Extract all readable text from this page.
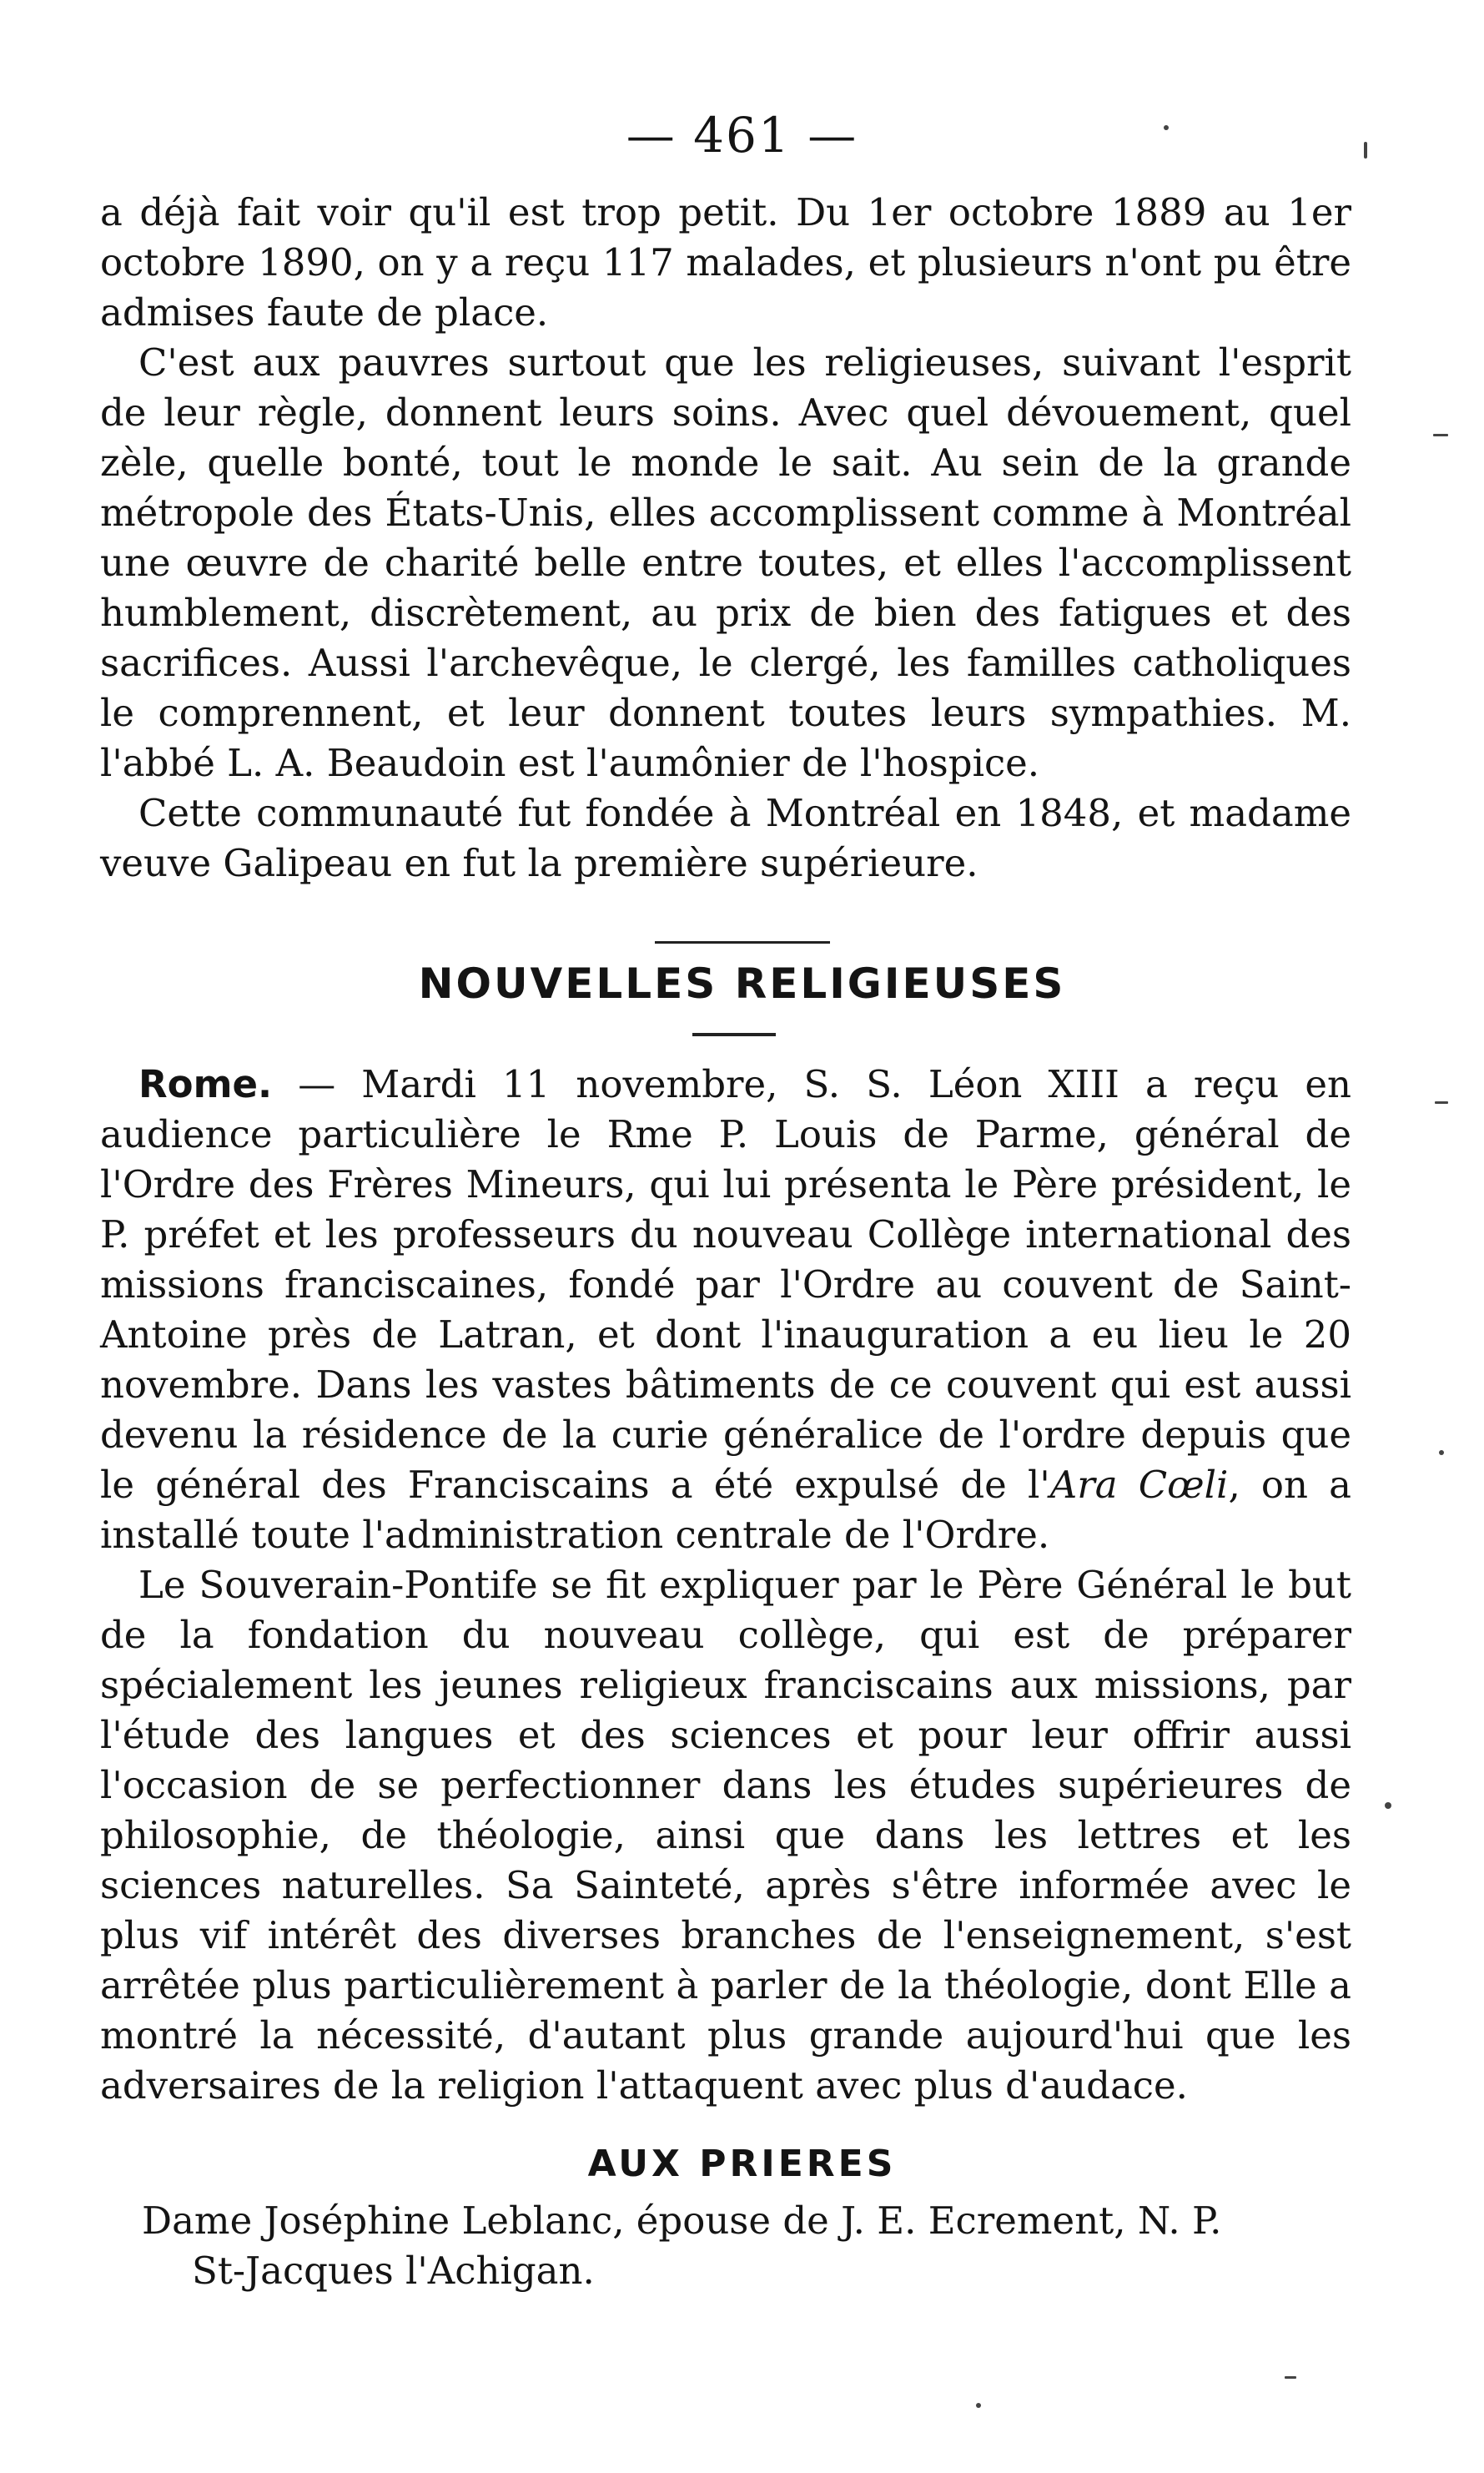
— 461 —

a déjà fait voir qu'il est trop petit. Du 1er octobre 1889 au 1er octobre 1890, on y a reçu 117 malades, et plusieurs n'ont pu être admises faute de place.

C'est aux pauvres surtout que les religieuses, suivant l'esprit de leur règle, donnent leurs soins. Avec quel dévouement, quel zèle, quelle bonté, tout le monde le sait. Au sein de la grande métropole des États-Unis, elles accomplissent comme à Montréal une œuvre de charité belle entre toutes, et elles l'accomplissent humblement, discrètement, au prix de bien des fatigues et des sacrifices. Aussi l'archevêque, le clergé, les familles catholiques le comprennent, et leur donnent toutes leurs sympathies. M. l'abbé L. A. Beaudoin est l'aumônier de l'hospice.

Cette communauté fut fondée à Montréal en 1848, et madame veuve Galipeau en fut la première supérieure.

NOUVELLES RELIGIEUSES

Rome. — Mardi 11 novembre, S. S. Léon XIII a reçu en audience particulière le Rme P. Louis de Parme, général de l'Ordre des Frères Mineurs, qui lui présenta le Père président, le P. préfet et les professeurs du nouveau Collège international des missions franciscaines, fondé par l'Ordre au couvent de Saint-Antoine près de Latran, et dont l'inauguration a eu lieu le 20 novembre. Dans les vastes bâtiments de ce couvent qui est aussi devenu la résidence de la curie généralice de l'ordre depuis que le général des Franciscains a été expulsé de l'Ara Cœli, on a installé toute l'administration centrale de l'Ordre.

Le Souverain-Pontife se fit expliquer par le Père Général le but de la fondation du nouveau collège, qui est de préparer spécialement les jeunes religieux franciscains aux missions, par l'étude des langues et des sciences et pour leur offrir aussi l'occasion de se perfectionner dans les études supérieures de philosophie, de théologie, ainsi que dans les lettres et les sciences naturelles. Sa Sainteté, après s'être informée avec le plus vif intérêt des diverses branches de l'enseignement, s'est arrêtée plus particulièrement à parler de la théologie, dont Elle a montré la nécessité, d'autant plus grande aujourd'hui que les adversaires de la religion l'attaquent avec plus d'audace.

AUX PRIERES
Dame Joséphine Leblanc, épouse de J. E. Ecrement, N. P.
St-Jacques l'Achigan.
